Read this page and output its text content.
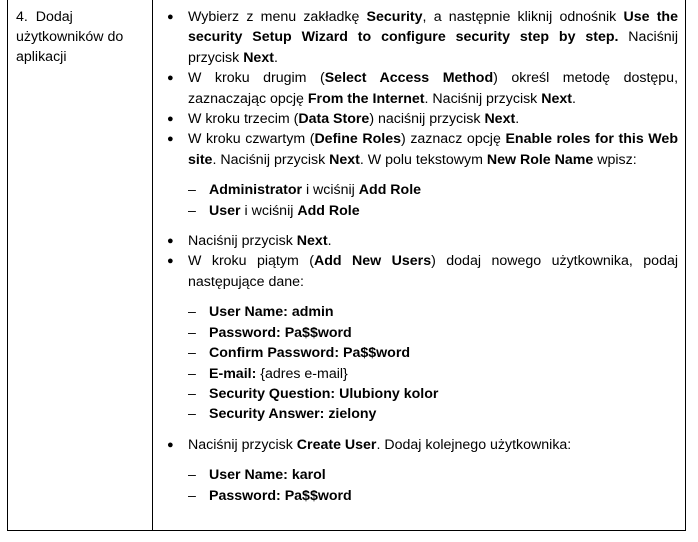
4. Dodaj

użytkowników do

aplikacji

● Wybierz z menu zakładkę Security, a następnie kliknij odnośnik Use the security Setup Wizard to configure security step by step. Naciśnij przycisk Next.
● W kroku drugim (Select Access Method) określ metodę dostępu, zaznaczając opcję From the Internet. Naciśnij przycisk Next.
● W kroku trzecim (Data Store) naciśnij przycisk Next.
● W kroku czwartym (Define Roles) zaznacz opcję Enable roles for this Web site. Naciśnij przycisk Next. W polu tekstowym New Role Name wpisz:
– Administrator i wciśnij Add Role
– User i wciśnij Add Role
● Naciśnij przycisk Next.
● W kroku piątym (Add New Users) dodaj nowego użytkownika, podaj następujące dane:
– User Name: admin
– Password: Pa$$word
– Confirm Password: Pa$$word
– E-mail: {adres e-mail}
– Security Question: Ulubiony kolor
– Security Answer: zielony
● Naciśnij przycisk Create User. Dodaj kolejnego użytkownika:
– User Name: karol
– Password: Pa$$word
